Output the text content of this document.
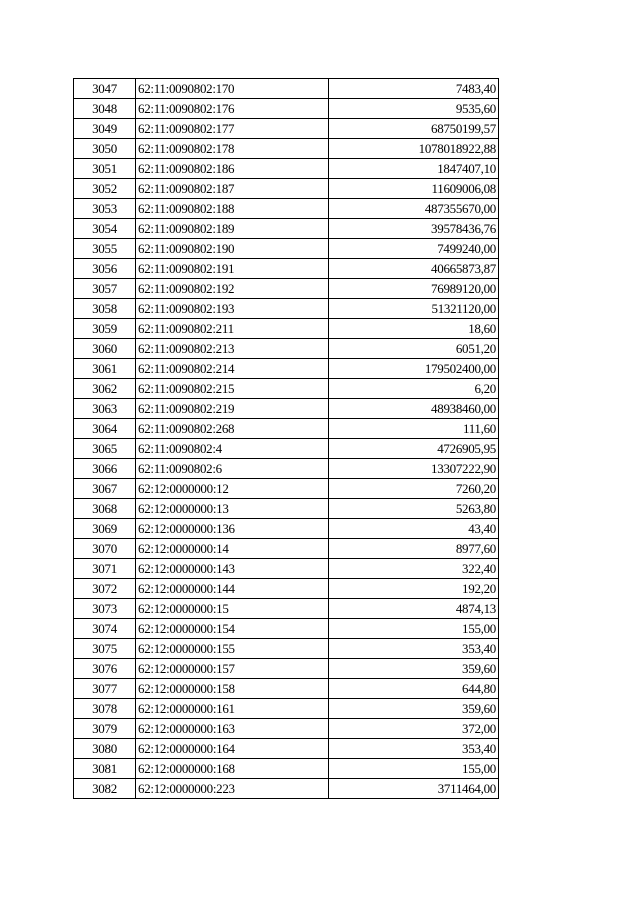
3047	62:11:0090802:170	7483,40
3048	62:11:0090802:176	9535,60
3049	62:11:0090802:177	68750199,57
3050	62:11:0090802:178	1078018922,88
3051	62:11:0090802:186	1847407,10
3052	62:11:0090802:187	11609006,08
3053	62:11:0090802:188	487355670,00
3054	62:11:0090802:189	39578436,76
3055	62:11:0090802:190	7499240,00
3056	62:11:0090802:191	40665873,87
3057	62:11:0090802:192	76989120,00
3058	62:11:0090802:193	51321120,00
3059	62:11:0090802:211	18,60
3060	62:11:0090802:213	6051,20
3061	62:11:0090802:214	179502400,00
3062	62:11:0090802:215	6,20
3063	62:11:0090802:219	48938460,00
3064	62:11:0090802:268	111,60
3065	62:11:0090802:4	4726905,95
3066	62:11:0090802:6	13307222,90
3067	62:12:0000000:12	7260,20
3068	62:12:0000000:13	5263,80
3069	62:12:0000000:136	43,40
3070	62:12:0000000:14	8977,60
3071	62:12:0000000:143	322,40
3072	62:12:0000000:144	192,20
3073	62:12:0000000:15	4874,13
3074	62:12:0000000:154	155,00
3075	62:12:0000000:155	353,40
3076	62:12:0000000:157	359,60
3077	62:12:0000000:158	644,80
3078	62:12:0000000:161	359,60
3079	62:12:0000000:163	372,00
3080	62:12:0000000:164	353,40
3081	62:12:0000000:168	155,00
3082	62:12:0000000:223	3711464,00
